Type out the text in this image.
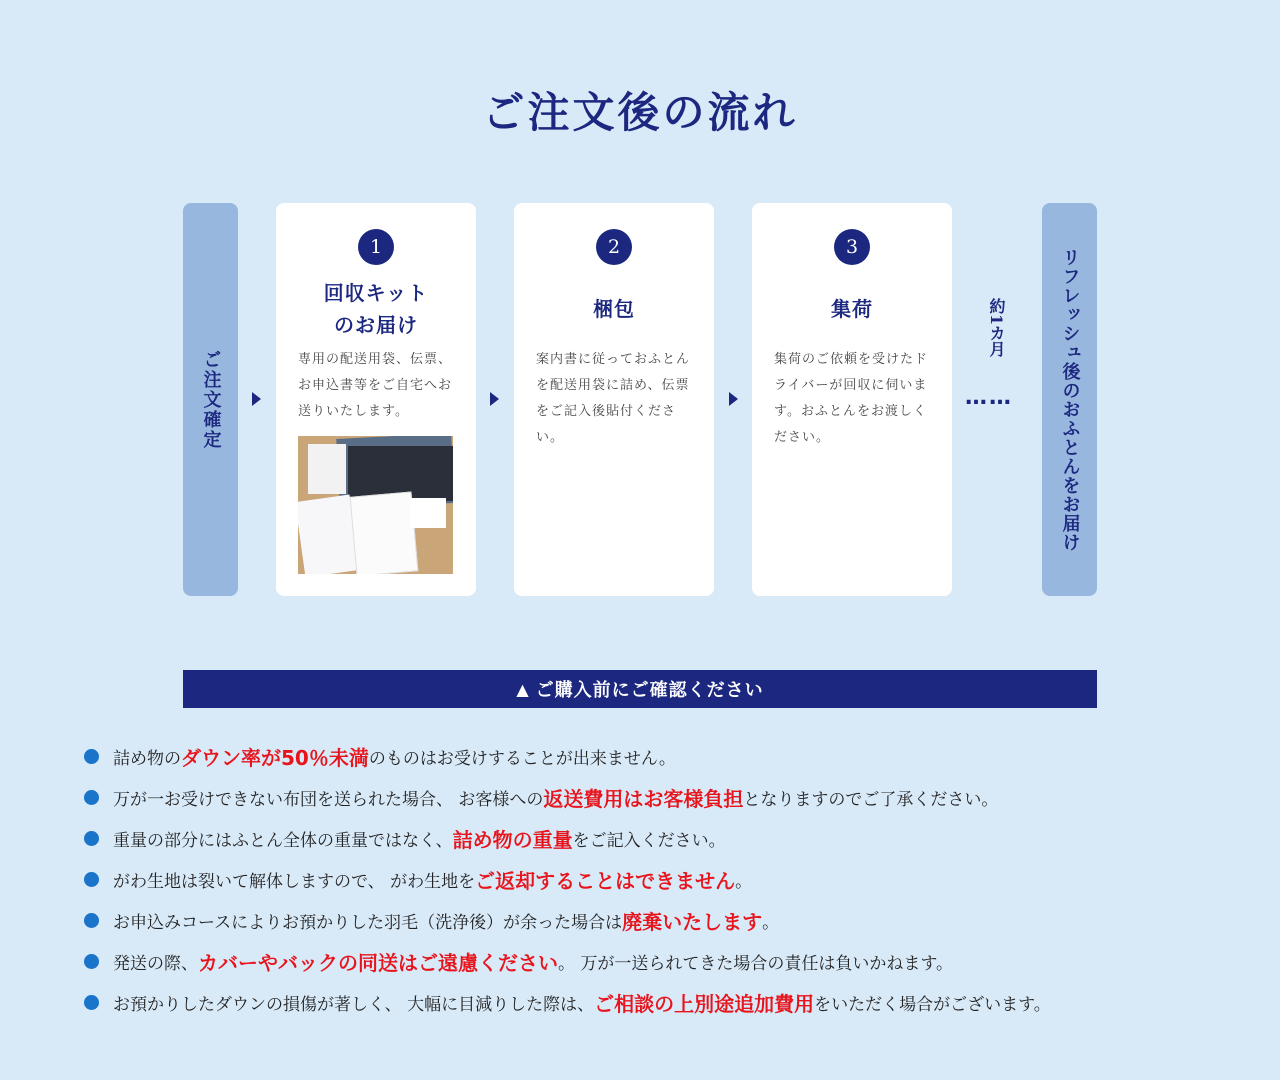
ご注文後の流れ
ご注文確定
1
回収キット
のお届け
専用の配送用袋、伝票、お申込書等をご自宅へお送りいたします。
2
梱包
案内書に従っておふとんを配送用袋に詰め、伝票をご記入後貼付ください。
3
集荷
集荷のご依頼を受けたドライバーが回収に伺います。おふとんをお渡しください。
約1カ月
……	リフレッシュ後のおふとんをお届け
▲ ご購入前にご確認ください
詰め物の ダウン率が50％未満 のものはお受けすることが出来ません。
万が一お受けできない布団を送られた場合、 お客様への 返送費用はお客様負担 となりますのでご了承ください。
重量の部分にはふとん全体の重量ではなく、 詰め物の重量 をご記入ください。
がわ生地は裂いて解体しますので、 がわ生地を ご返却することはできません 。
お申込みコースによりお預かりした羽毛（洗浄後）が余った場合は 廃棄いたします 。
発送の際、 カバーやバックの同送はご遠慮ください 。 万が一送られてきた場合の責任は負いかねます。
お預かりしたダウンの損傷が著しく、 大幅に目減りした際は、 ご相談の上別途追加費用 をいただく場合がございます。
